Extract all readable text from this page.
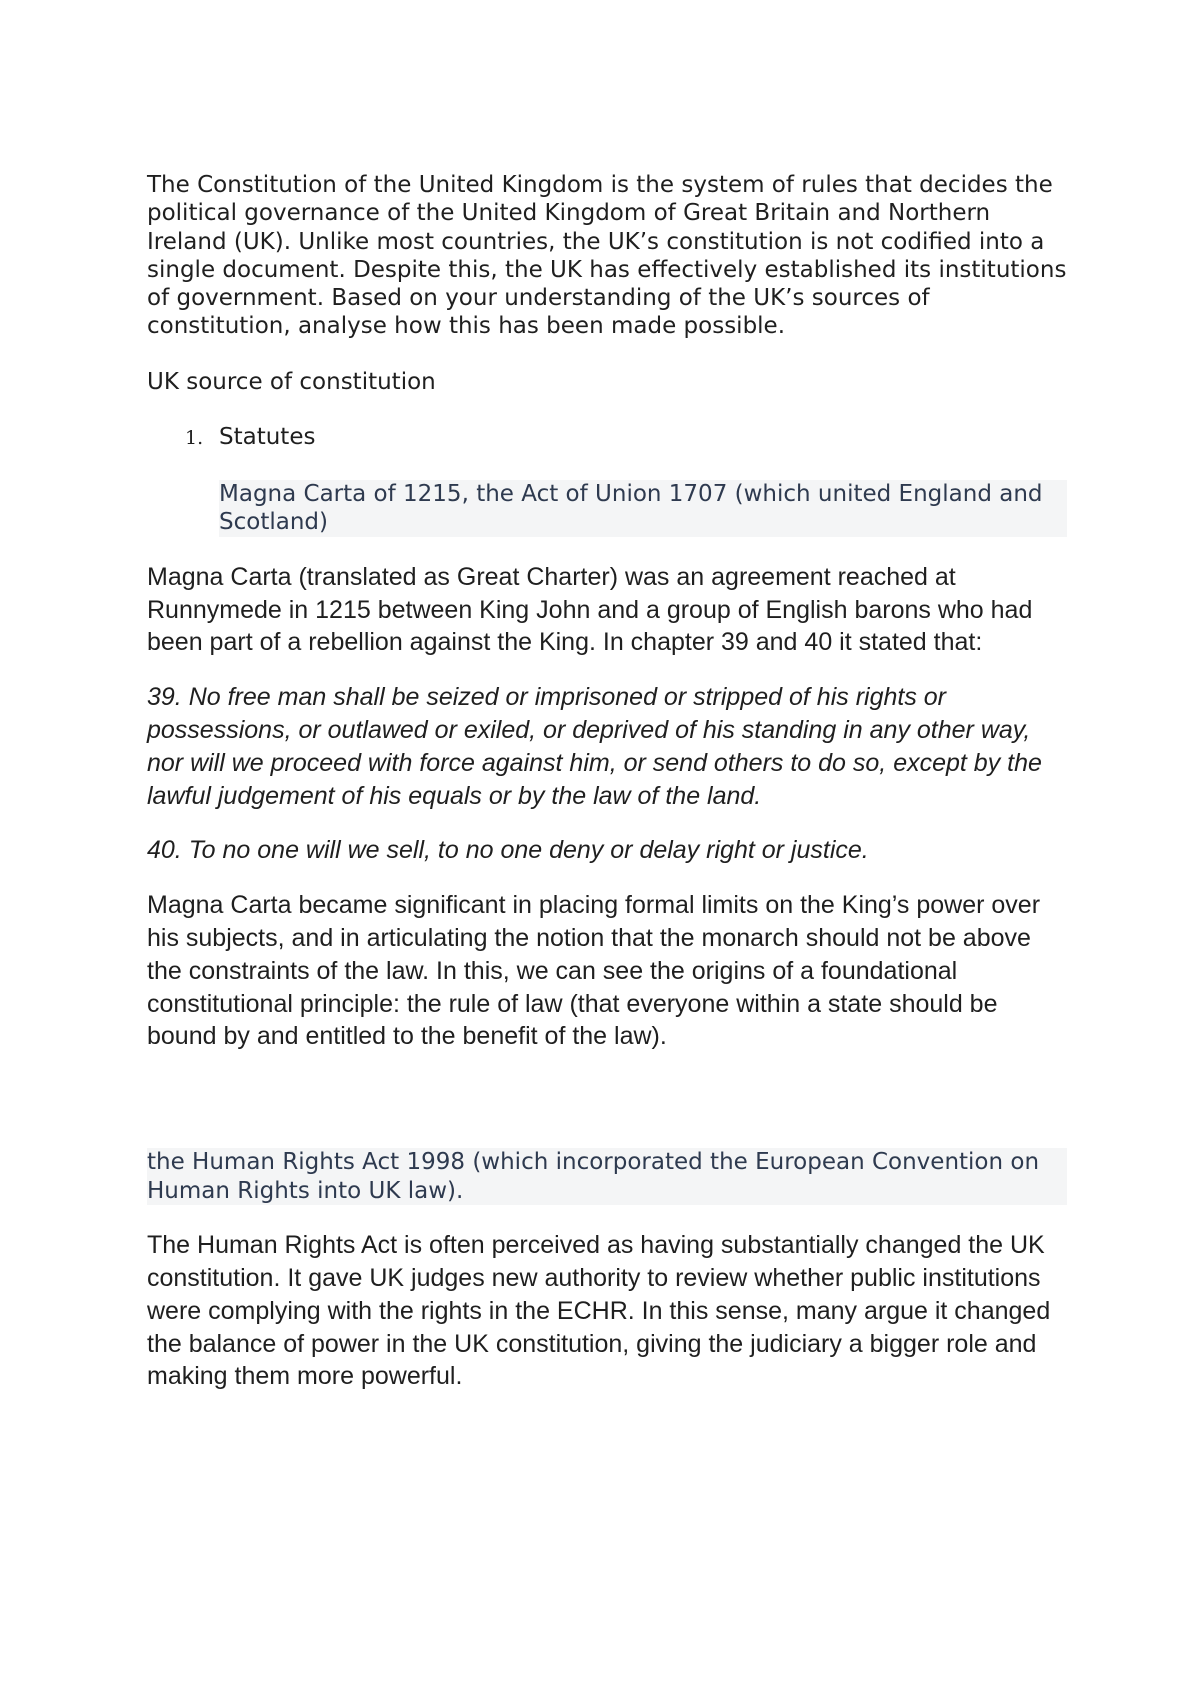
The Constitution of the United Kingdom is the system of rules that decides the political governance of the United Kingdom of Great Britain and Northern Ireland (UK). Unlike most countries, the UK’s constitution is not codified into a single document. Despite this, the UK has effectively established its institutions of government. Based on your understanding of the UK’s sources of constitution, analyse how this has been made possible.

UK source of constitution

1. Statutes

Magna Carta of 1215, the Act of Union 1707 (which united England and Scotland)

Magna Carta (translated as Great Charter) was an agreement reached at Runnymede in 1215 between King John and a group of English barons who had been part of a rebellion against the King. In chapter 39 and 40 it stated that:

39. No free man shall be seized or imprisoned or stripped of his rights or possessions, or outlawed or exiled, or deprived of his standing in any other way, nor will we proceed with force against him, or send others to do so, except by the lawful judgement of his equals or by the law of the land.

40. To no one will we sell, to no one deny or delay right or justice.

Magna Carta became significant in placing formal limits on the King’s power over his subjects, and in articulating the notion that the monarch should not be above the constraints of the law. In this, we can see the origins of a foundational constitutional principle: the rule of law (that everyone within a state should be bound by and entitled to the benefit of the law).

the Human Rights Act 1998 (which incorporated the European Convention on Human Rights into UK law).

The Human Rights Act is often perceived as having substantially changed the UK constitution. It gave UK judges new authority to review whether public institutions were complying with the rights in the ECHR. In this sense, many argue it changed the balance of power in the UK constitution, giving the judiciary a bigger role and making them more powerful.
